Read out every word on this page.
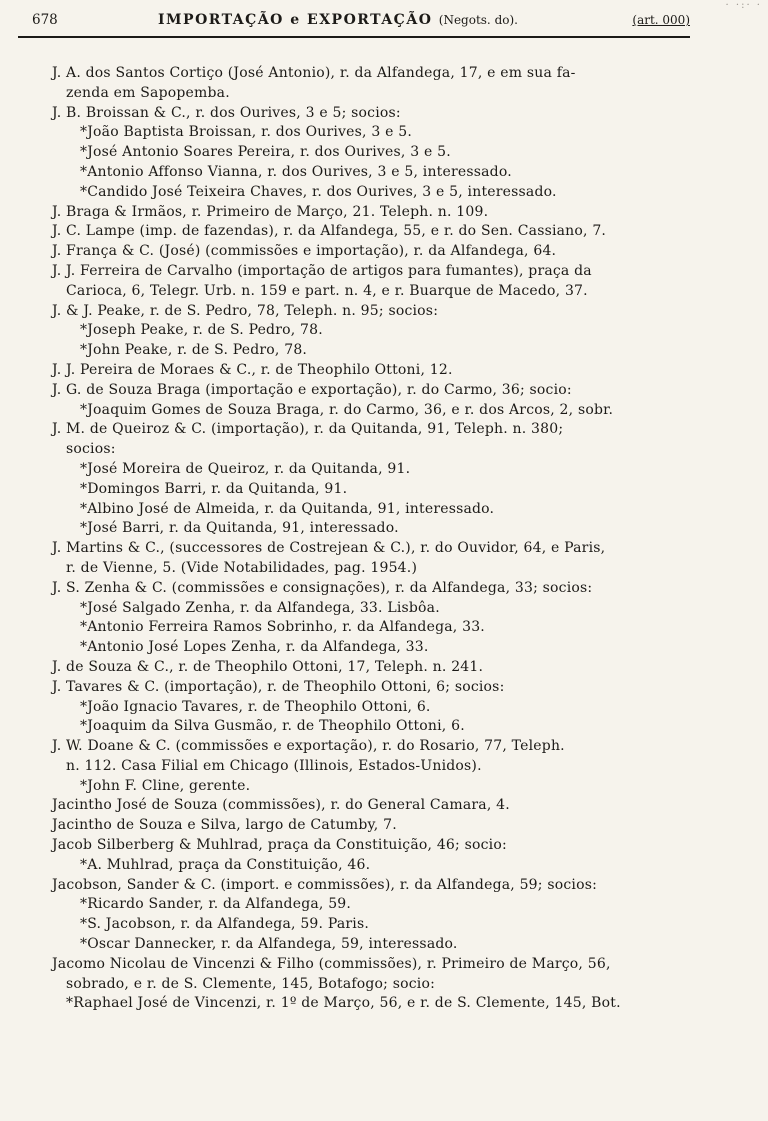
678	IMPORTAÇÃO e EXPORTAÇÃO (Negots. do).	(art. 000)
· ·:· ·
J. A. dos Santos Cortiço (José Antonio), r. da Alfandega, 17, e em sua fa-
zenda em Sapopemba.
J. B. Broissan & C., r. dos Ourives, 3 e 5; socios:
*João Baptista Broissan, r. dos Ourives, 3 e 5.
*José Antonio Soares Pereira, r. dos Ourives, 3 e 5.
*Antonio Affonso Vianna, r. dos Ourives, 3 e 5, interessado.
*Candido José Teixeira Chaves, r. dos Ourives, 3 e 5, interessado.
J. Braga & Irmãos, r. Primeiro de Março, 21. Teleph. n. 109.
J. C. Lampe (imp. de fazendas), r. da Alfandega, 55, e r. do Sen. Cassiano, 7.
J. França & C. (José) (commissões e importação), r. da Alfandega, 64.
J. J. Ferreira de Carvalho (importação de artigos para fumantes), praça da
Carioca, 6, Telegr. Urb. n. 159 e part. n. 4, e r. Buarque de Macedo, 37.
J. & J. Peake, r. de S. Pedro, 78, Teleph. n. 95; socios:
*Joseph Peake, r. de S. Pedro, 78.
*John Peake, r. de S. Pedro, 78.
J. J. Pereira de Moraes & C., r. de Theophilo Ottoni, 12.
J. G. de Souza Braga (importação e exportação), r. do Carmo, 36; socio:
*Joaquim Gomes de Souza Braga, r. do Carmo, 36, e r. dos Arcos, 2, sobr.
J. M. de Queiroz & C. (importação), r. da Quitanda, 91, Teleph. n. 380;
socios:
*José Moreira de Queiroz, r. da Quitanda, 91.
*Domingos Barri, r. da Quitanda, 91.
*Albino José de Almeida, r. da Quitanda, 91, interessado.
*José Barri, r. da Quitanda, 91, interessado.
J. Martins & C., (successores de Costrejean & C.), r. do Ouvidor, 64, e Paris,
r. de Vienne, 5. (Vide Notabilidades, pag. 1954.)
J. S. Zenha & C. (commissões e consignações), r. da Alfandega, 33; socios:
*José Salgado Zenha, r. da Alfandega, 33. Lisbôa.
*Antonio Ferreira Ramos Sobrinho, r. da Alfandega, 33.
*Antonio José Lopes Zenha, r. da Alfandega, 33.
J. de Souza & C., r. de Theophilo Ottoni, 17, Teleph. n. 241.
J. Tavares & C. (importação), r. de Theophilo Ottoni, 6; socios:
*João Ignacio Tavares, r. de Theophilo Ottoni, 6.
*Joaquim da Silva Gusmão, r. de Theophilo Ottoni, 6.
J. W. Doane & C. (commissões e exportação), r. do Rosario, 77, Teleph.
n. 112. Casa Filial em Chicago (Illinois, Estados-Unidos).
*John F. Cline, gerente.
Jacintho José de Souza (commissões), r. do General Camara, 4.
Jacintho de Souza e Silva, largo de Catumby, 7.
Jacob Silberberg & Muhlrad, praça da Constituição, 46; socio:
*A. Muhlrad, praça da Constituição, 46.
Jacobson, Sander & C. (import. e commissões), r. da Alfandega, 59; socios:
*Ricardo Sander, r. da Alfandega, 59.
*S. Jacobson, r. da Alfandega, 59. Paris.
*Oscar Dannecker, r. da Alfandega, 59, interessado.
Jacomo Nicolau de Vincenzi & Filho (commissões), r. Primeiro de Março, 56,
sobrado, e r. de S. Clemente, 145, Botafogo; socio:
*Raphael José de Vincenzi, r. 1º de Março, 56, e r. de S. Clemente, 145, Bot.
